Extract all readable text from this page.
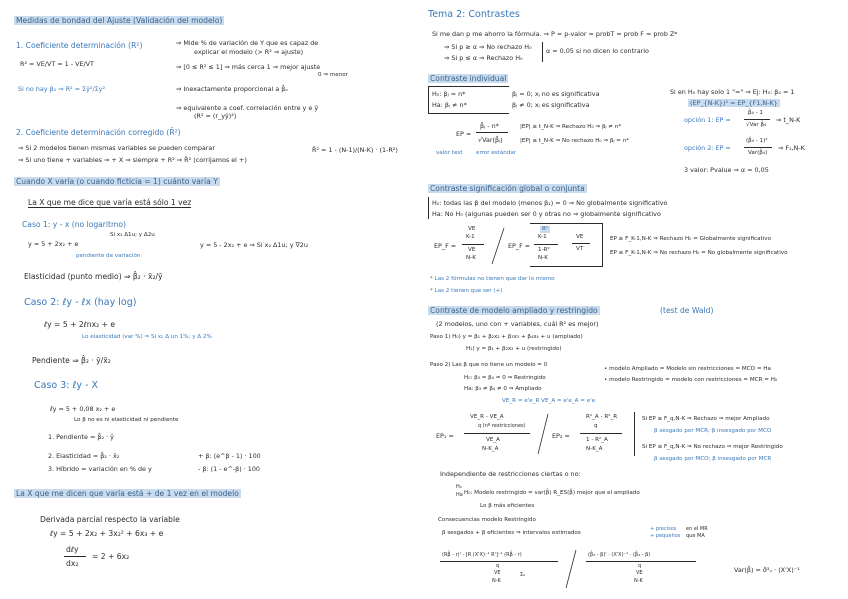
Medidas de bondad del Ajuste (Validación del modelo)
1. Coeficiente determinación (R²)
R² = VE/VT = 1 - VE/VT
Si no hay β₁ ⇒ R² = Σŷ²/Σy²
⇒ Mide % de variación de Y que es capaz de
explicar el modelo (> R² ⇒ ajuste)
⇒ [0 ≤ R² ≤ 1] ⇒ más cerca 1 ⇒ mejor ajuste
0 ⇒ menor
⇒ Inexactamente proporcional a β̂ₙ
⇒ equivalente a coef. correlación entre y e ŷ
(R² = (r_yŷ)²)
2. Coeficiente determinación corregido (R̄²)
⇒ Si 2 modelos tienen mismas variables se pueden comparar
⇒ Si uno tiene + variables ⇒ + X ⇒ siempre + R² ⇒ R̄² (corrijamos el +)
R̄² = 1 - (N-1)/(N-K) · (1-R²)
Cuando X varía (o cuando ficticia = 1) cuánto varía Y
La X que me dice que varía está sólo 1 vez
Caso 1: y - x (no logaritmo)
y = 5 + 2x₂ + e
Si x₂ Δ1u; y Δ2u
pendiente de variación
y = 5 - 2x₂ + e ⇒ Si x₂ Δ1u; y ∇2u
Elasticidad (punto medio) ⇒ β̂₂ · x̄₂/ȳ
Caso 2: ℓy - ℓx (hay log)
ℓy = 5 + 2ℓnx₂ + e
Lo elasticidad (var %) ⇒ Si x₂ Δ un 1%; y Δ 2%
Pendiente ⇒ β̂₂ · ȳ/x̄₂
Caso 3: ℓy - X
ℓy = 5 + 0,08 x₂ + e
Lo β no es ni elasticidad ni pendiente
1. Pendiente = β̂₂ · ȳ
2. Elasticidad = β̂₂ · x̄₂
3. Híbrido = variación en % de y
+ β: (e^β - 1) · 100
- β: (1 - e^-β) · 100
La X que me dicen que varía está + de 1 vez en el modelo
Derivada parcial respecto la variable
ℓy = 5 + 2x₂ + 3x₂² + 6x₃ + e
dℓy
dx₂
= 2 + 6x₂
Tema 2: Contrastes
Si me dan p me ahorro la fórmula. ⇒ P = p-valor = probT = prob F = prob Z*
⇒ Si p ≥ α ⇒ No rechazo H₀
⇒ Si p ≤ α ⇒ Rechazo H₀
α = 0,05 si no dicen lo contrario
Contraste individual
H₀: βⱼ = n*
Ha: βⱼ ≠ n*
βⱼ = 0; xⱼ no es significativa
βⱼ ≠ 0; xⱼ es significativa
EP =
β̂ⱼ - n*
√Var(β̂ⱼ)
valor test error estándar
|EP| ≥ t_N-K ⇒ Rechazo H₀ ⇒ βⱼ ≠ n*
|EP| ≤ t_N-K ⇒ No rechazo H₀ ⇒ βⱼ = n*
Si en H₀ hay solo 1 "=" ⇒ Ej: H₀: β₄ = 1
(EP_{N-K})² = EP_{F1,N-K}
opción 1: EP =
β̂₄ - 1
√Var β̂₄
⇒ t_N-K
opción 2: EP =
(β̂₄ - 1)²
Var(β̂₄)
⇒ F₁,N-K
3 valor: Pvalue ⇒ α = 0,05
Contraste significación global o conjunta
H₀: todas las β del modelo (menos β₁) = 0 ⇒ No globalmente significativo
Ha: No H₀ (algunas pueden ser 0 y otras no ⇒ globalmente significativo
EP_F =
VE
K-1
VE
N-K
EP_F =
R²
K-1
1-R²
N-K
VE
VT
EP ≥ F_K-1,N-K ⇒ Rechazo H₀ = Globalmente significativo
EP ≤ F_K-1,N-K ⇒ No rechazo H₀ = No globalmente significativo
* Las 2 fórmulas no tienen que dar lo mismo
* Las 2 tienen que ser (+)
Contraste de modelo ampliado y restringido	(test de Wald)
(2 modelos, uno con + variables, cuál R² es mejor)
Paso 1) H₀) y = β₁ + β₂x₂ + β₃x₃ + β₄x₄ + u (ampliado)
H₁) y = β₁ + β₂x₂ + u (restringido)
Paso 2) Las β que no tiene un modelo = 0
H₀: β₃ = β₄ = 0 ⇒ Restringido
Ha: β₃ ≠ β₄ ≠ 0 ⇒ Ampliado
• modelo Ampliado = Modelo sin restricciones = MCO = Ha
• modelo Restringido = modelo con restricciones = MCR = H₀
VE_R = e'e_R VE_A = e'e_A = e'e
EP₁ =
VE_R - VE_A
q (nº restricciones)
VE_A
N-K_A
EP₂ =
R²_A - R²_R
q
1 - R²_A
N-K_A
Si EP ≥ F_q,N-K ⇒ Rechazo ⇒ mejor Ampliado
β sesgado por MCR; β insesgado por MCO
Si EP ≤ F_q,N-K ⇒ No rechazo ⇒ mejor Restringido
β sesgado por MCO; β insesgado por MCR
Independiente de restricciones ciertas o no:
H₀
Ha H₀: Modelo restringido = var(β̂) R_ES(β̂) mejor que el ampliado
Lo β más eficientes
Consecuencias modelo Restringido
β sesgados + β eficientes ⇒ intervalos estimados
+ precisos
+ pequeños
en el MR
que MA
(Rβ̂ - r)' · [R (X'X)⁻¹ R']⁻¹ (Rβ̂ - r)
q
VE
N-K
Σ₂
(β̂₄ - β)' · (X'X)⁻¹ · (β̂₄ - β)
q
VE
N-K
Var(β̂) = σ̂²ᵤ · (X'X)⁻¹
